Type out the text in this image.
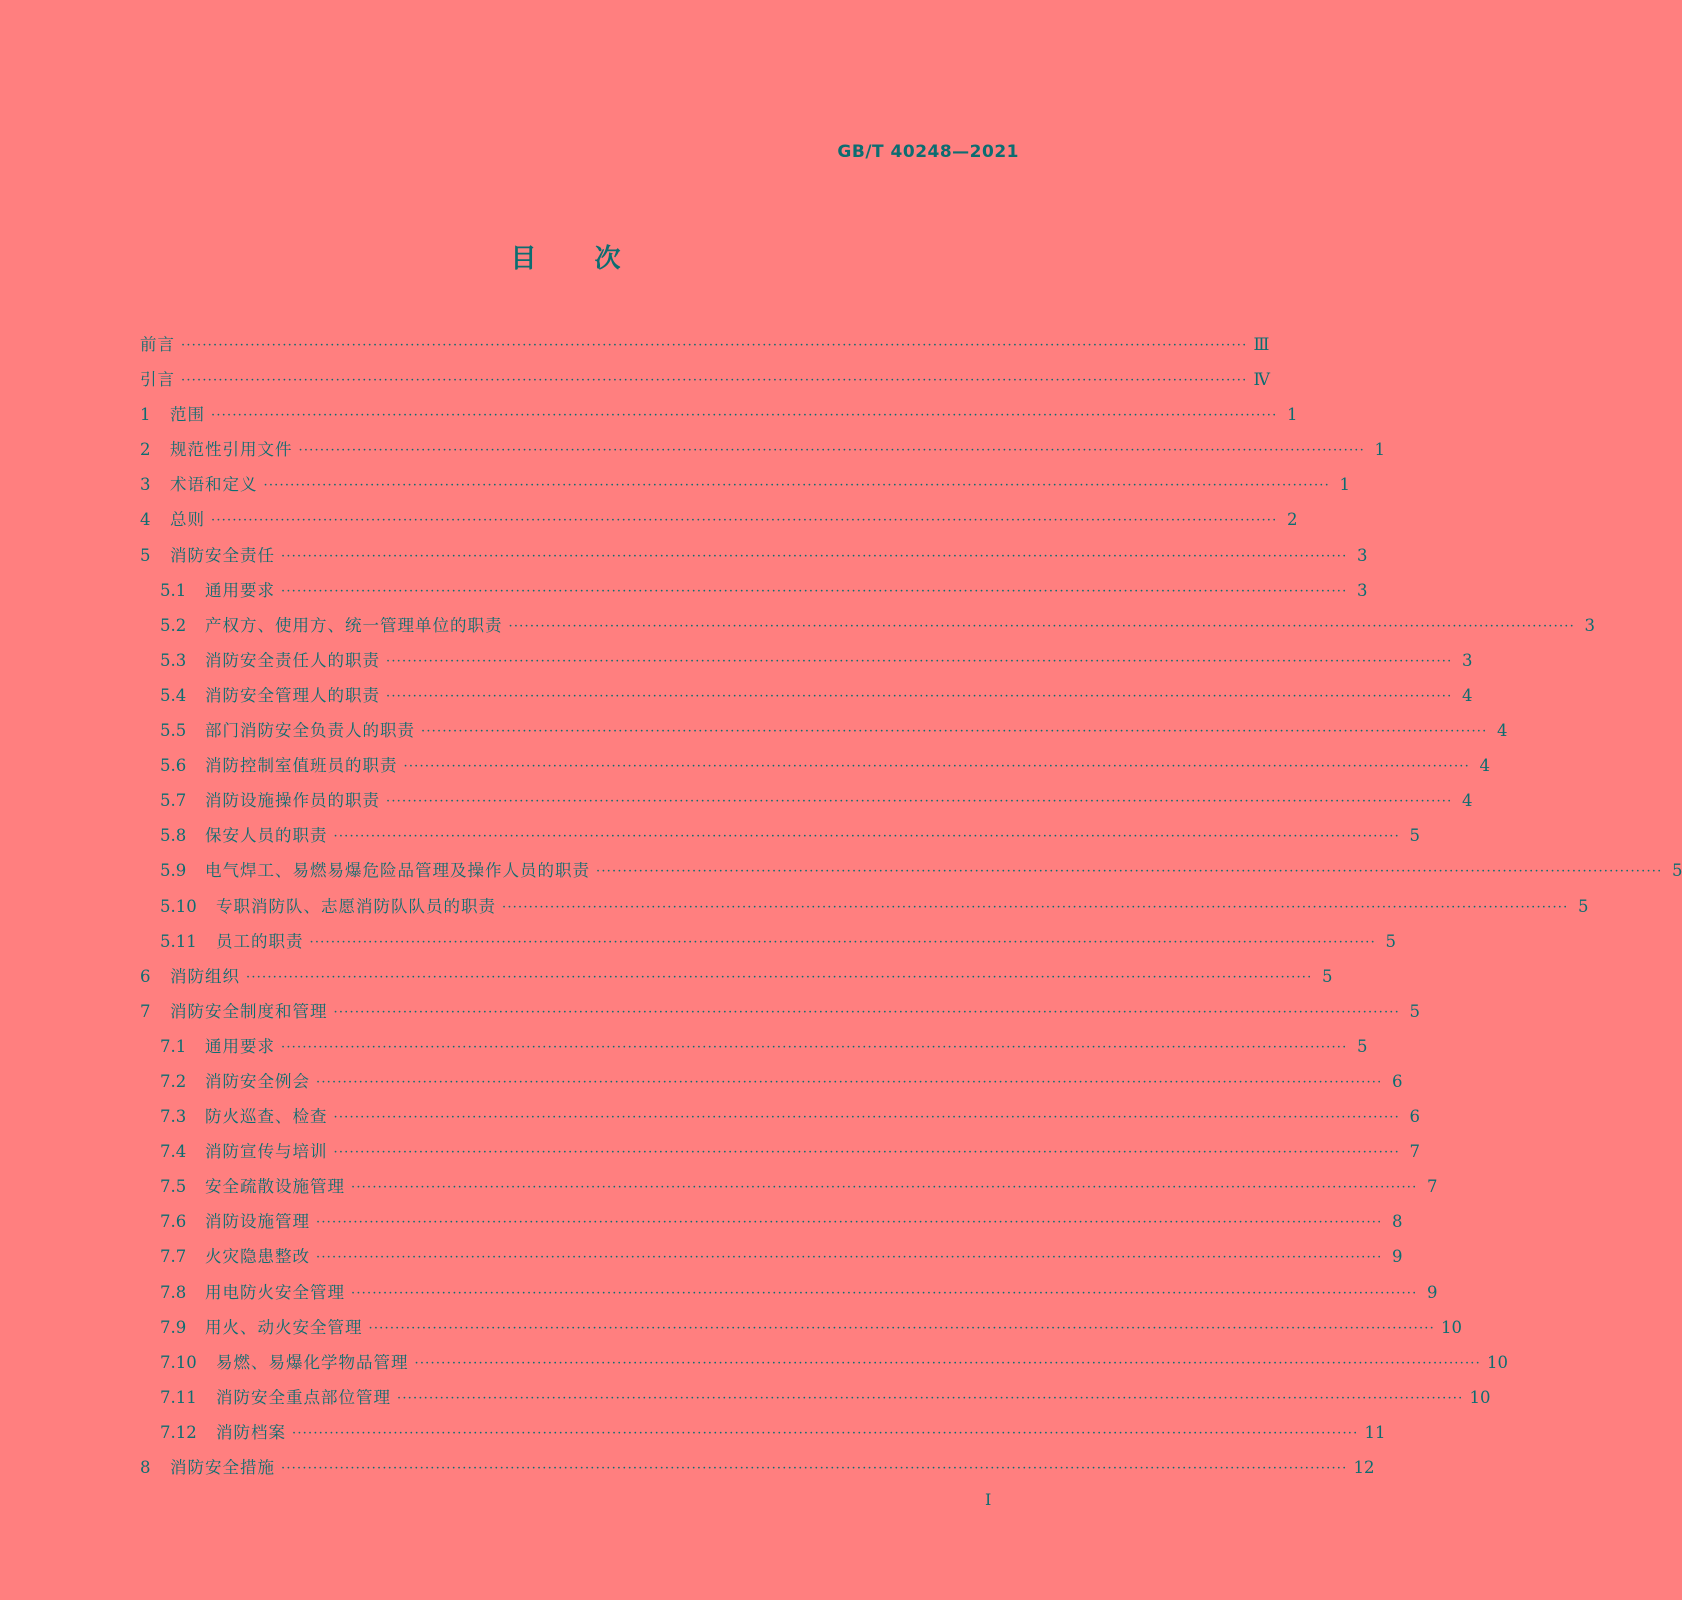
GB/T 40248—2021
目次
前言 ········································································································································································································ Ⅲ
引言 ········································································································································································································ Ⅳ
1	范围 ········································································································································································································ 1
2	规范性引用文件 ········································································································································································································ 1
3	术语和定义 ········································································································································································································ 1
4	总则 ········································································································································································································ 2
5	消防安全责任 ········································································································································································································ 3
5.1	通用要求 ········································································································································································································ 3
5.2	产权方、使用方、统一管理单位的职责 ········································································································································································································ 3
5.3	消防安全责任人的职责 ········································································································································································································ 3
5.4	消防安全管理人的职责 ········································································································································································································ 4
5.5	部门消防安全负责人的职责 ········································································································································································································ 4
5.6	消防控制室值班员的职责 ········································································································································································································ 4
5.7	消防设施操作员的职责 ········································································································································································································ 4
5.8	保安人员的职责 ········································································································································································································ 5
5.9	电气焊工、易燃易爆危险品管理及操作人员的职责 ········································································································································································································ 5
5.10	专职消防队、志愿消防队队员的职责 ········································································································································································································ 5
5.11	员工的职责 ········································································································································································································ 5
6	消防组织 ········································································································································································································ 5
7	消防安全制度和管理 ········································································································································································································ 5
7.1	通用要求 ········································································································································································································ 5
7.2	消防安全例会 ········································································································································································································ 6
7.3	防火巡查、检查 ········································································································································································································ 6
7.4	消防宣传与培训 ········································································································································································································ 7
7.5	安全疏散设施管理 ········································································································································································································ 7
7.6	消防设施管理 ········································································································································································································ 8
7.7	火灾隐患整改 ········································································································································································································ 9
7.8	用电防火安全管理 ········································································································································································································ 9
7.9	用火、动火安全管理 ········································································································································································································ 10
7.10	易燃、易爆化学物品管理 ········································································································································································································ 10
7.11	消防安全重点部位管理 ········································································································································································································ 10
7.12	消防档案 ········································································································································································································ 11
8	消防安全措施 ········································································································································································································ 12
I
